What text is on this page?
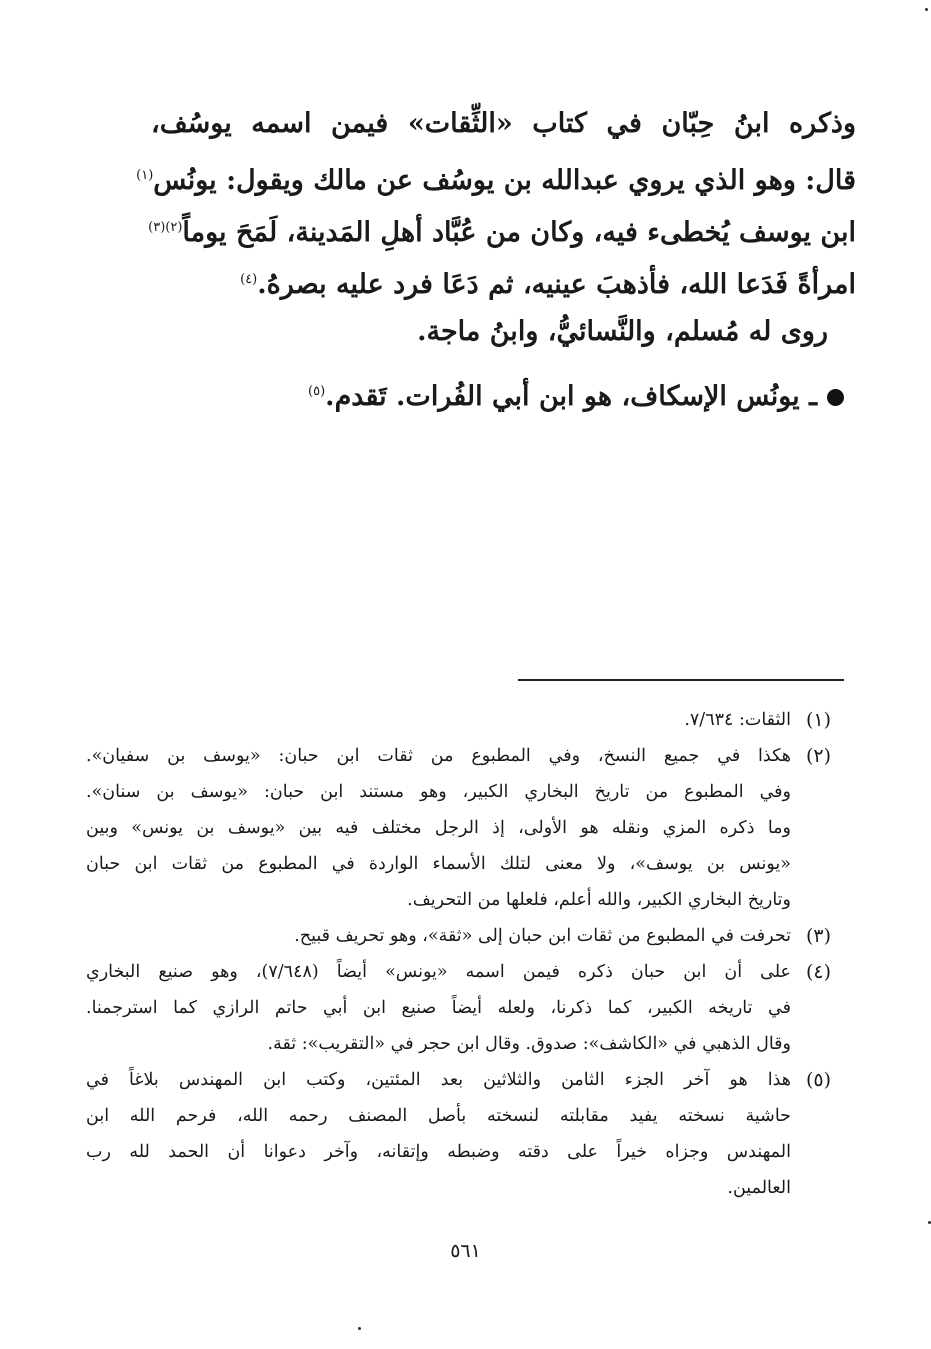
وذكره ابنُ حِبّان في كتاب «الثِّقات» فيمن اسمه يوسُف،
قال: وهو الذي يروي عبدالله بن يوسُف عن مالك ويقول: يونُس$^{(١)}$
ابن يوسف يُخطىء فيه، وكان من عُبَّاد أهلِ المَدينة، لَمَحَ يوماً$^{(٢)(٣)}$
امرأةً فَدَعا الله، فأذهبَ عينيه، ثم دَعَا فرد عليه بصرهُ.$^{(٤)}$
روى له مُسلم، والنَّسائيُّ، وابنُ ماجة.
ـ يونُس الإسكاف، هو ابن أبي الفُرات. تَقدم.$^{(٥)}$
(١)
الثقات: ٧/٦٣٤.
(٢)
هكذا في جميع النسخ، وفي المطبوع من ثقات ابن حبان: «يوسف بن سفيان».
وفي المطبوع من تاريخ البخاري الكبير، وهو مستند ابن حبان: «يوسف بن سنان».
وما ذكره المزي ونقله هو الأولى، إذ الرجل مختلف فيه بين «يوسف بن يونس» وبين
«يونس بن يوسف»، ولا معنى لتلك الأسماء الواردة في المطبوع من ثقات ابن حبان
وتاريخ البخاري الكبير، والله أعلم، فلعلها من التحريف.
(٣)
تحرفت في المطبوع من ثقات ابن حبان إلى «ثقة»، وهو تحريف قبيح.
(٤)
على أن ابن حبان ذكره فيمن اسمه «يونس» أيضاً (٧/٦٤٨)، وهو صنيع البخاري
في تاريخه الكبير، كما ذكرنا، ولعله أيضاً صنيع ابن أبي حاتم الرازي كما استرجمنا.
وقال الذهبي في «الكاشف»: صدوق. وقال ابن حجر في «التقريب»: ثقة.
(٥)
هذا هو آخر الجزء الثامن والثلاثين بعد المئتين، وكتب ابن المهندس بلاغاً في
حاشية نسخته يفيد مقابلته لنسخته بأصل المصنف رحمه الله، فرحم الله ابن
المهندس وجزاه خيراً على دقته وضبطه وإتقانه، وآخر دعوانا أن الحمد لله رب
العالمين.
٥٦١
